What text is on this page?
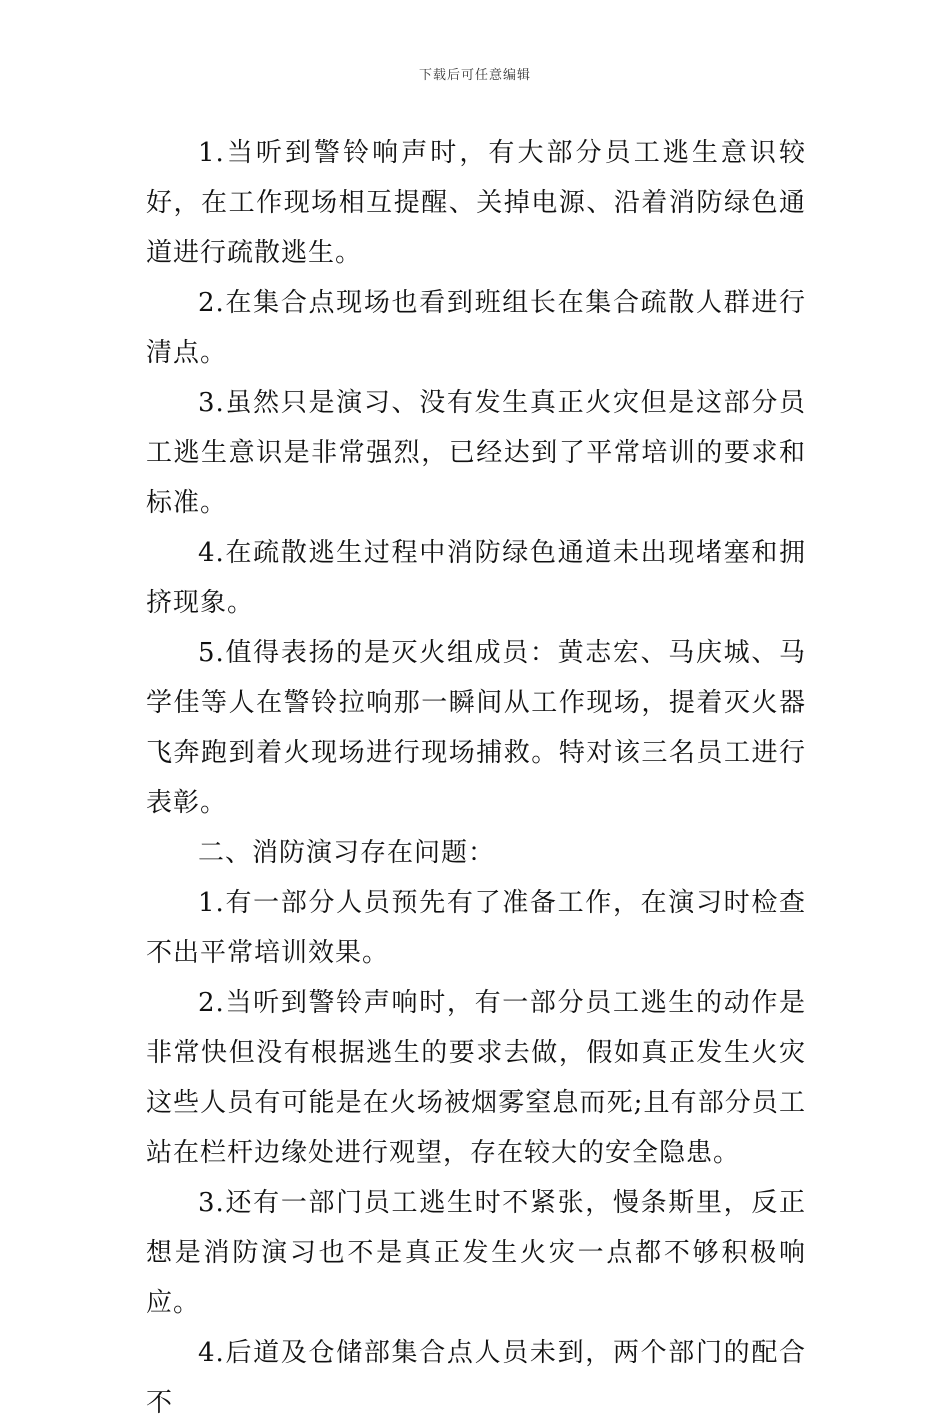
下载后可任意编辑

1.当听到警铃响声时，有大部分员工逃生意识较好，在工作现场相互提醒、关掉电源、沿着消防绿色通道进行疏散逃生。

2.在集合点现场也看到班组长在集合疏散人群进行清点。

3.虽然只是演习、没有发生真正火灾但是这部分员工逃生意识是非常强烈，已经达到了平常培训的要求和标准。

4.在疏散逃生过程中消防绿色通道未出现堵塞和拥挤现象。

5.值得表扬的是灭火组成员：黄志宏、马庆城、马学佳等人在警铃拉响那一瞬间从工作现场，提着灭火器飞奔跑到着火现场进行现场捕救。特对该三名员工进行表彰。

二、消防演习存在问题：

1.有一部分人员预先有了准备工作，在演习时检查不出平常培训效果。

2.当听到警铃声响时，有一部分员工逃生的动作是非常快但没有根据逃生的要求去做，假如真正发生火灾这些人员有可能是在火场被烟雾窒息而死;且有部分员工站在栏杆边缘处进行观望，存在较大的安全隐患。

3.还有一部门员工逃生时不紧张，慢条斯里，反正想是消防演习也不是真正发生火灾一点都不够积极响应。

4.后道及仓储部集合点人员未到，两个部门的配合不
